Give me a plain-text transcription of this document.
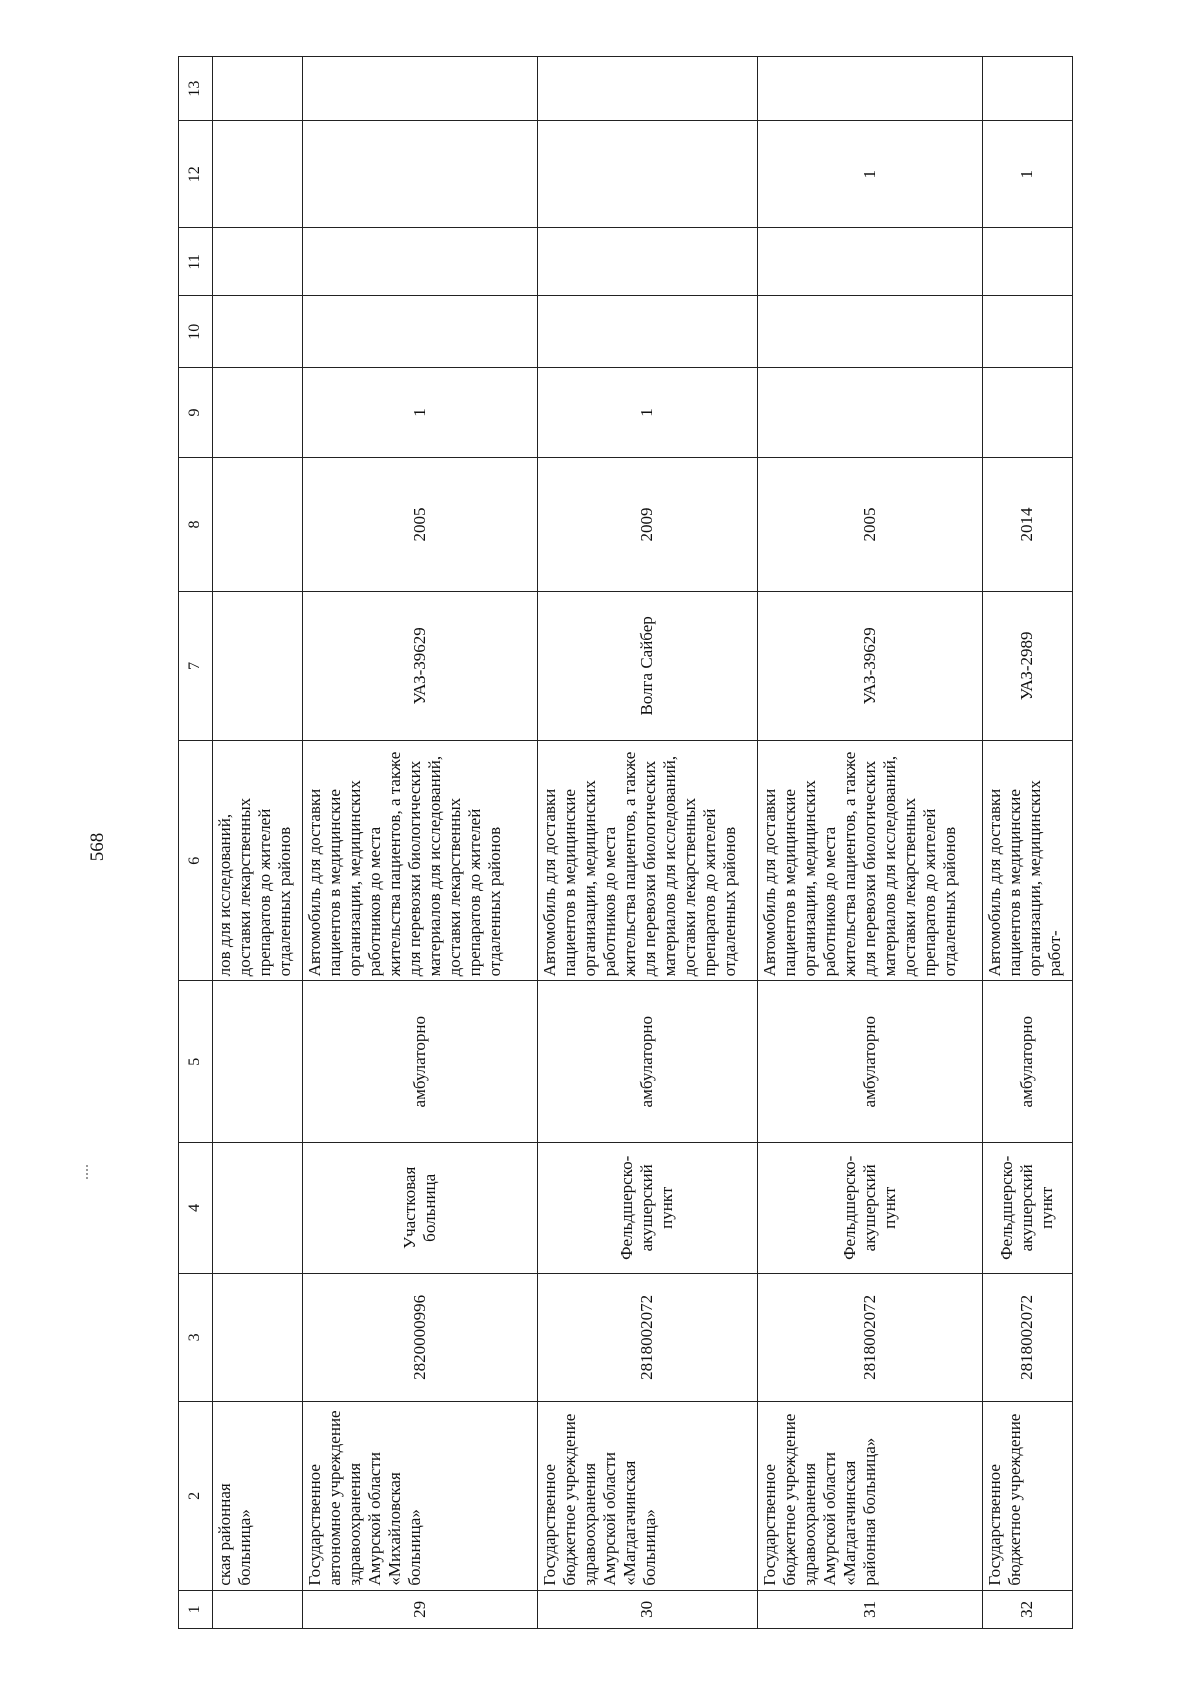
568
1	2	3	4	5	6	7	8	9	10	11	12	13
	ская районная больница»				лов для исследований, доставки лекарственных препаратов до жителей отдаленных районов							
29	Государственное автономное учреждение здравоохранения Амурской области «Михайловская больница»	2820000996	Участковая больница	амбулаторно	Автомобиль для доставки пациентов в медицинские организации, медицинских работников до места жительства пациентов, а также для перевозки биологических материалов для исследований, доставки лекарственных препаратов до жителей отдаленных районов	УАЗ-39629	2005	1				
30	Государственное бюджетное учреждение здравоохранения Амурской области «Магдагачинская больница»	2818002072	Фельдшерско-акушерский пункт	амбулаторно	Автомобиль для доставки пациентов в медицинские организации, медицинских работников до места жительства пациентов, а также для перевозки биологических материалов для исследований, доставки лекарственных препаратов до жителей отдаленных районов	Волга Сайбер	2009	1				
31	Государственное бюджетное учреждение здравоохранения Амурской области «Магдагачинская районная больница»	2818002072	Фельдшерско-акушерский пункт	амбулаторно	Автомобиль для доставки пациентов в медицинские организации, медицинских работников до места жительства пациентов, а также для перевозки биологических материалов для исследований, доставки лекарственных препаратов до жителей отдаленных районов	УАЗ-39629	2005				1	
32	Государственное бюджетное учреждение	2818002072	Фельдшерско-акушерский пункт	амбулаторно	Автомобиль для доставки пациентов в медицинские организации, медицинских работ-	УАЗ-2989	2014				1	
